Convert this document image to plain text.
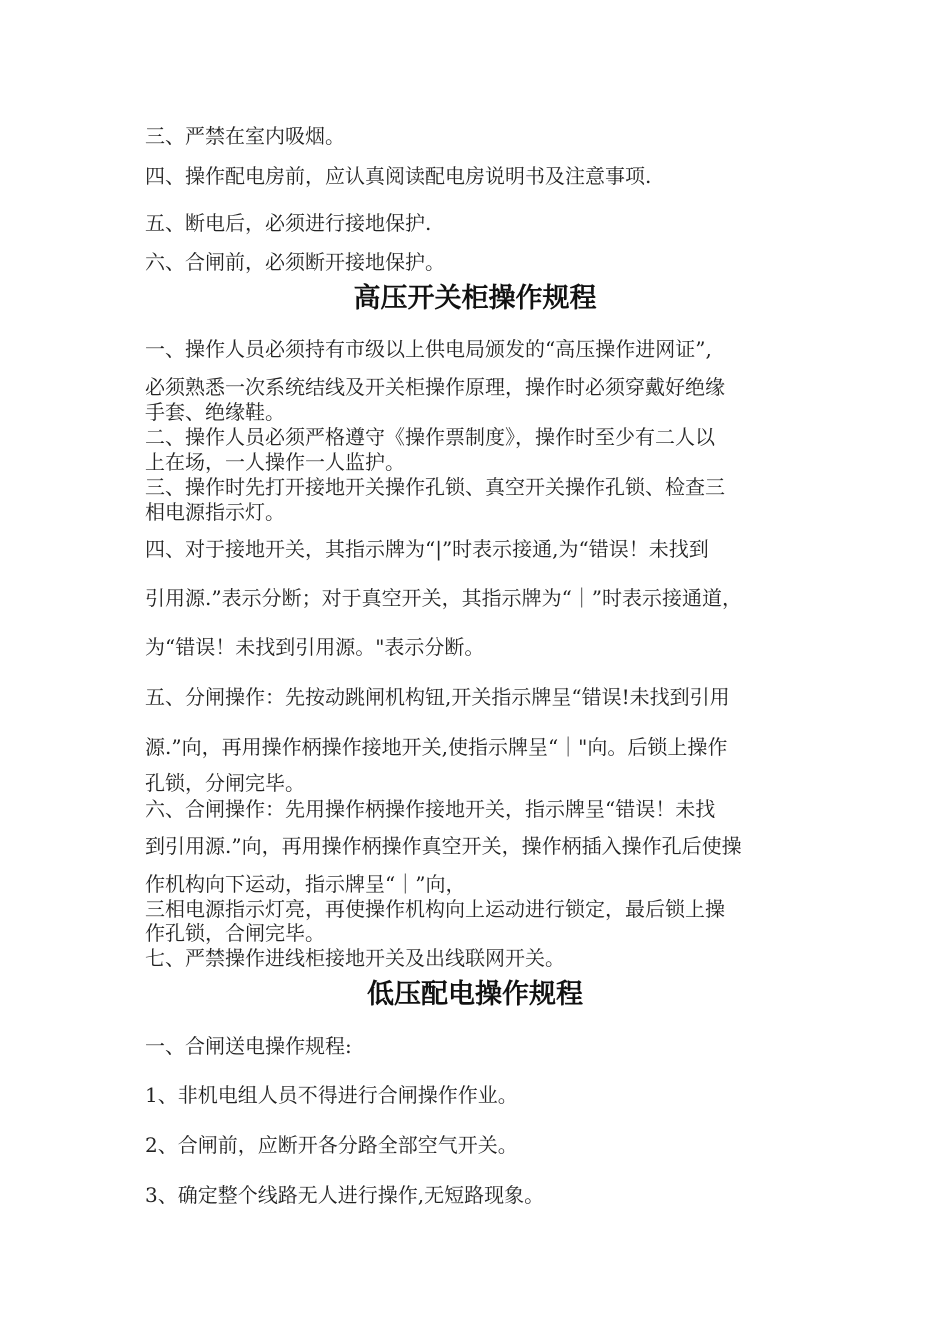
三、严禁在室内吸烟。

四、操作配电房前，应认真阅读配电房说明书及注意事项.

五、断电后，必须进行接地保护.

六、合闸前，必须断开接地保护。

高压开关柜操作规程

一、操作人员必须持有市级以上供电局颁发的“高压操作进网证”,

必须熟悉一次系统结线及开关柜操作原理，操作时必须穿戴好绝缘

手套、绝缘鞋。

二、操作人员必须严格遵守《操作票制度》，操作时至少有二人以

上在场，一人操作一人监护。

三、操作时先打开接地开关操作孔锁、真空开关操作孔锁、检查三

相电源指示灯。

四、对于接地开关，其指示牌为“|”时表示接通,为“错误！未找到

引用源.”表示分断；对于真空开关，其指示牌为“｜”时表示接通道，

为“错误！未找到引用源。"表示分断。

五、分闸操作：先按动跳闸机构钮,开关指示牌呈“错误!未找到引用

源.”向，再用操作柄操作接地开关,使指示牌呈“｜"向。后锁上操作

孔锁，分闸完毕。

六、合闸操作：先用操作柄操作接地开关，指示牌呈“错误！未找

到引用源.”向，再用操作柄操作真空开关，操作柄插入操作孔后使操

作机构向下运动，指示牌呈“｜”向，

三相电源指示灯亮，再使操作机构向上运动进行锁定，最后锁上操

作孔锁，合闸完毕。

七、严禁操作进线柜接地开关及出线联网开关。

低压配电操作规程

一、合闸送电操作规程:

1、非机电组人员不得进行合闸操作作业。

2、合闸前，应断开各分路全部空气开关。

3、确定整个线路无人进行操作,无短路现象。
